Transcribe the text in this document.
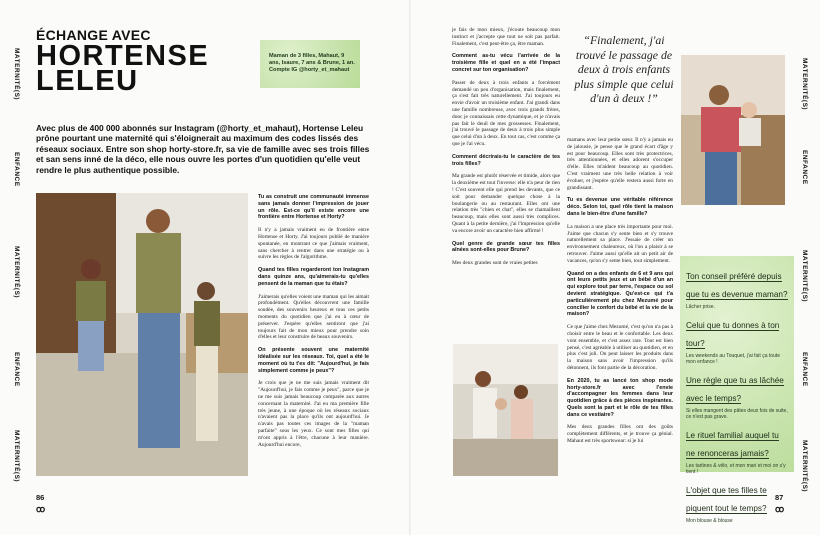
MATERNITÉ(S)
ENFANCE
MATERNITÉ(S)
ENFANCE
MATERNITÉ(S)
MATERNITÉ(S)
ENFANCE
MATERNITÉ(S)
ENFANCE
MATERNITÉ(S)
ÉCHANGE AVEC
HORTENSE
LELEU

Maman de 3 filles, Mahaut, 9 ans, Isaure, 7 ans & Brune, 1 an. Compte IG @horty_et_mahaut

Avec plus de 400 000 abonnés sur Instagram (@horty_et_mahaut), Hortense Leleu prône pourtant une maternité qui s'éloignerait au maximum des codes lissés des réseaux sociaux. Entre son shop horty-store.fr, sa vie de famille avec ses trois filles et san sens inné de la déco, elle nous ouvre les portes d'un quotidien qu'elle veut rendre le plus authentique possible.

Tu as construit une communauté immense sans jamais donner l'impression de jouer un rôle. Est-ce qu'il existe encore une frontière entre Hortense et Horty?

Il n'y a jamais vraiment eu de frontière entre Hortense et Horty. J'ai toujours publié de manière spontanée, en montrant ce que j'aimais vraiment, sans chercher à rentrer dans une stratégie ou à suivre les règles de l'algorithme.

Quand tes filles regarderont ton Instagram dans quinze ans, qu'aimerais-tu qu'elles pensent de la maman que tu étais?

J'aimerais qu'elles voient une maman qui les aimait profondément. Qu'elles découvrent une famille soudée, des souvenirs heureux et tous ces petits moments du quotidien que j'ai eu à cœur de préserver. J'espère qu'elles sentiront que j'ai toujours fait de mon mieux pour prendre soin d'elles et leur construire de beaux souvenirs.

On présente souvent une maternité idéalisée sur les réseaux. Toi, quel a été le moment où tu t'es dit: "Aujourd'hui, je fais simplement comme je peux"?

Je crois que je ne me suis jamais vraiment dit "Aujourd'hui, je fais comme je peux", parce que je ne me suis jamais beaucoup comparée aux autres concernant la maternité. J'ai eu ma première fille très jeune, à une époque où les réseaux sociaux n'avaient pas la place qu'ils ont aujourd'hui. Je n'avais pas toutes ces images de la "maman parfaite" sous les yeux. Ce sont mes filles qui m'ont appris à l'être, chacune à leur manière. Aujourd'hui encore,

je fais de mon mieux, j'écoute beaucoup mon instinct et j'accepte que tout ne soit pas parfait. Finalement, c'est peut-être ça, être maman.

Comment as-tu vécu l'arrivée de la troisième fille et quel en a été l'impact concret sur ton organisation?

Passer de deux à trois enfants a forcément demandé un peu d'organisation, mais finalement, ça s'est fait très naturellement. J'ai toujours eu envie d'avoir un troisième enfant. J'ai grandi dans une famille nombreuse, avec trois grands frères, donc je connaissais cette dynamique, et je n'avais pas fait le deuil de mes grossesses. Finalement, j'ai trouvé le passage de deux à trois plus simple que celui d'un à deux. En tout cas, c'est comme ça que je l'ai vécu.

Comment décrirais-tu le caractère de tes trois filles?

Ma grande est plutôt réservée et timide, alors que la deuxième est tout l'inverse: elle n'a peur de rien ! C'est souvent elle qui prend les devants, que ce soit pour demander quelque chose à la boulangerie ou au restaurant. Elles ont une relation très "chien et chat", elles se chamaillent beaucoup, mais elles sont aussi très complices. Quant à la petite dernière, j'ai l'impression qu'elle va encore avoir un caractère bien affirmé !

Quel genre de grande sœur tes filles aînées sont-elles pour Brune?

Mes deux grandes sont de vraies petites

“Finalement, j'ai trouvé le passage de deux à trois enfants plus simple que celui d'un à deux !”

mamans avec leur petite sœur. Il n'y a jamais eu de jalousie, je pense que le grand écart d'âge y est pour beaucoup. Elles sont très protectrices, très attentionnées, et elles adorent s'occuper d'elle. Elles m'aident beaucoup au quotidien. C'est vraiment une très belle relation à voir évoluer, et j'espère qu'elle restera aussi forte en grandissant.

Tu es devenue une véritable référence déco. Selon toi, quel rôle tient la maison dans le bien-être d'une famille?

La maison a une place très importante pour moi. J'aime que chacun s'y sente bien et s'y trouve naturellement sa place. J'essaie de créer un environnement chaleureux, où l'on a plaisir à se retrouver. J'aime aussi qu'elle ait un petit air de vacances, qu'on s'y sente bien, tout simplement.

Quand on a des enfants de 6 et 9 ans qui ont leurs petits jeux et un bébé d'un an qui explore tout par terre, l'espace ou sol devient stratégique. Qu'est-ce qui t'a particulièrement plu chez Mezumé pour concilier le confort du bébé et la vie de la maison?

Ce que j'aime chez Mezumé, c'est qu'on n'a pas à choisir entre le beau et le confortable. Les deux vont ensemble, et c'est assez rare. Tout est bien pensé, c'est agréable à utiliser au quotidien, et en plus c'est joli. On peut laisser les produits dans la maison sans avoir l'impression qu'ils détonnent, ils font partie de la décoration.

En 2020, tu as lancé ton shop mode horty-store.fr avec l'envie d'accompagner les femmes dans leur quotidien grâce à des pièces inspirantes. Quels sont la part et le rôle de tes filles dans ce vestiaire?

Mes deux grandes filles ont des goûts complètement différents, et je trouve ça génial. Mahaut est très sportswear: si je lui

Ton conseil préféré depuis que tu es devenue maman?
Lâcher prise.
Celui que tu donnes à ton tour?
Les weekends au Touquet, j'ai fait ça toute mon enfance !
Une règle que tu as lâchée avec le temps?
Si elles mangent des pâtes deux fois de suite, ce n'est pas grave.
Le rituel familial auquel tu ne renonceras jamais?
Les tartines & vélo, et mon mari et moi on s'y tient !
L'objet que tes filles te piquent tout le temps?
Mon blouse & blouse
86
ꝏ
87
ꝏ
